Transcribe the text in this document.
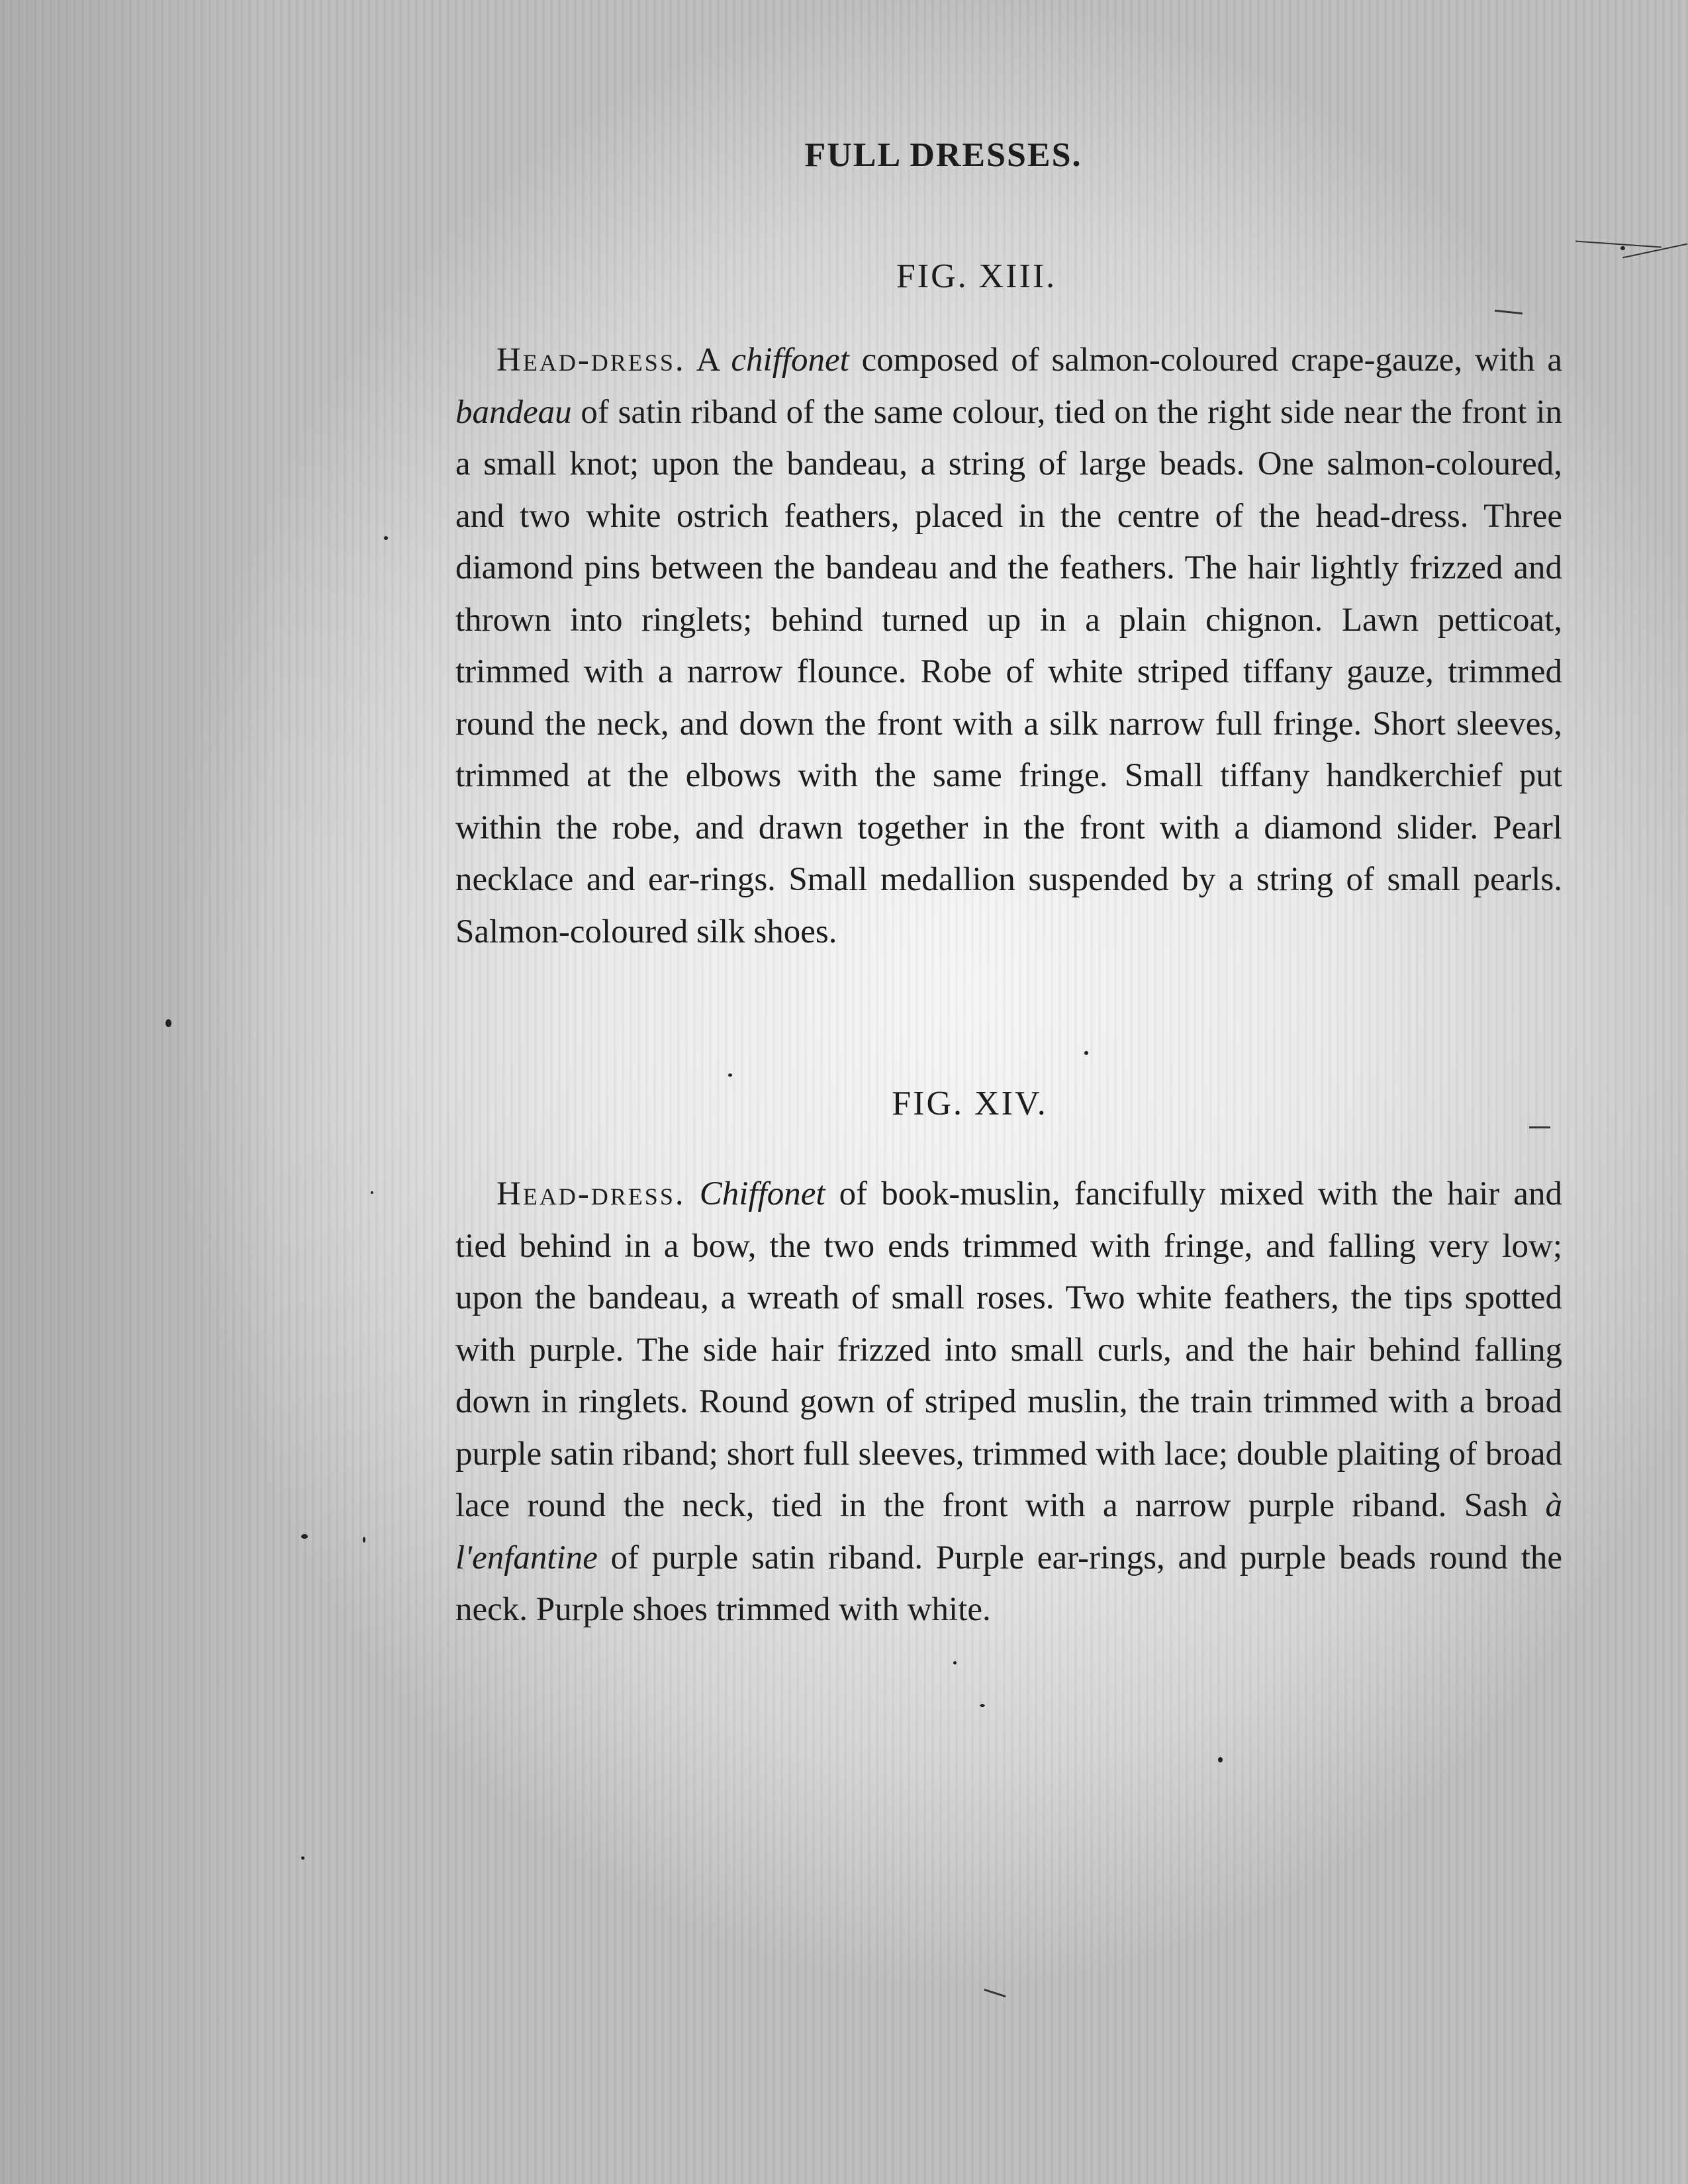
FULL DRESSES.
FIG. XIII.

Head-dress. A chiffonet composed of salmon-coloured crape-gauze, with a bandeau of satin riband of the same colour, tied on the right side near the front in a small knot; upon the bandeau, a string of large beads. One salmon-coloured, and two white ostrich feathers, placed in the centre of the head-dress. Three diamond pins between the bandeau and the feathers. The hair lightly frizzed and thrown into ringlets; behind turned up in a plain chignon. Lawn petticoat, trimmed with a narrow flounce. Robe of white striped tiffany gauze, trimmed round the neck, and down the front with a silk narrow full fringe. Short sleeves, trimmed at the elbows with the same fringe. Small tiffany handkerchief put within the robe, and drawn together in the front with a diamond slider. Pearl necklace and ear-rings. Small medallion suspended by a string of small pearls. Salmon-coloured silk shoes.

FIG. XIV.

Head-dress. Chiffonet of book-muslin, fancifully mixed with the hair and tied behind in a bow, the two ends trimmed with fringe, and falling very low; upon the bandeau, a wreath of small roses. Two white feathers, the tips spotted with purple. The side hair frizzed into small curls, and the hair behind falling down in ringlets. Round gown of striped muslin, the train trimmed with a broad purple satin riband; short full sleeves, trimmed with lace; double plaiting of broad lace round the neck, tied in the front with a narrow purple riband. Sash à l'enfantine of purple satin riband. Purple ear-rings, and purple beads round the neck. Purple shoes trimmed with white.
